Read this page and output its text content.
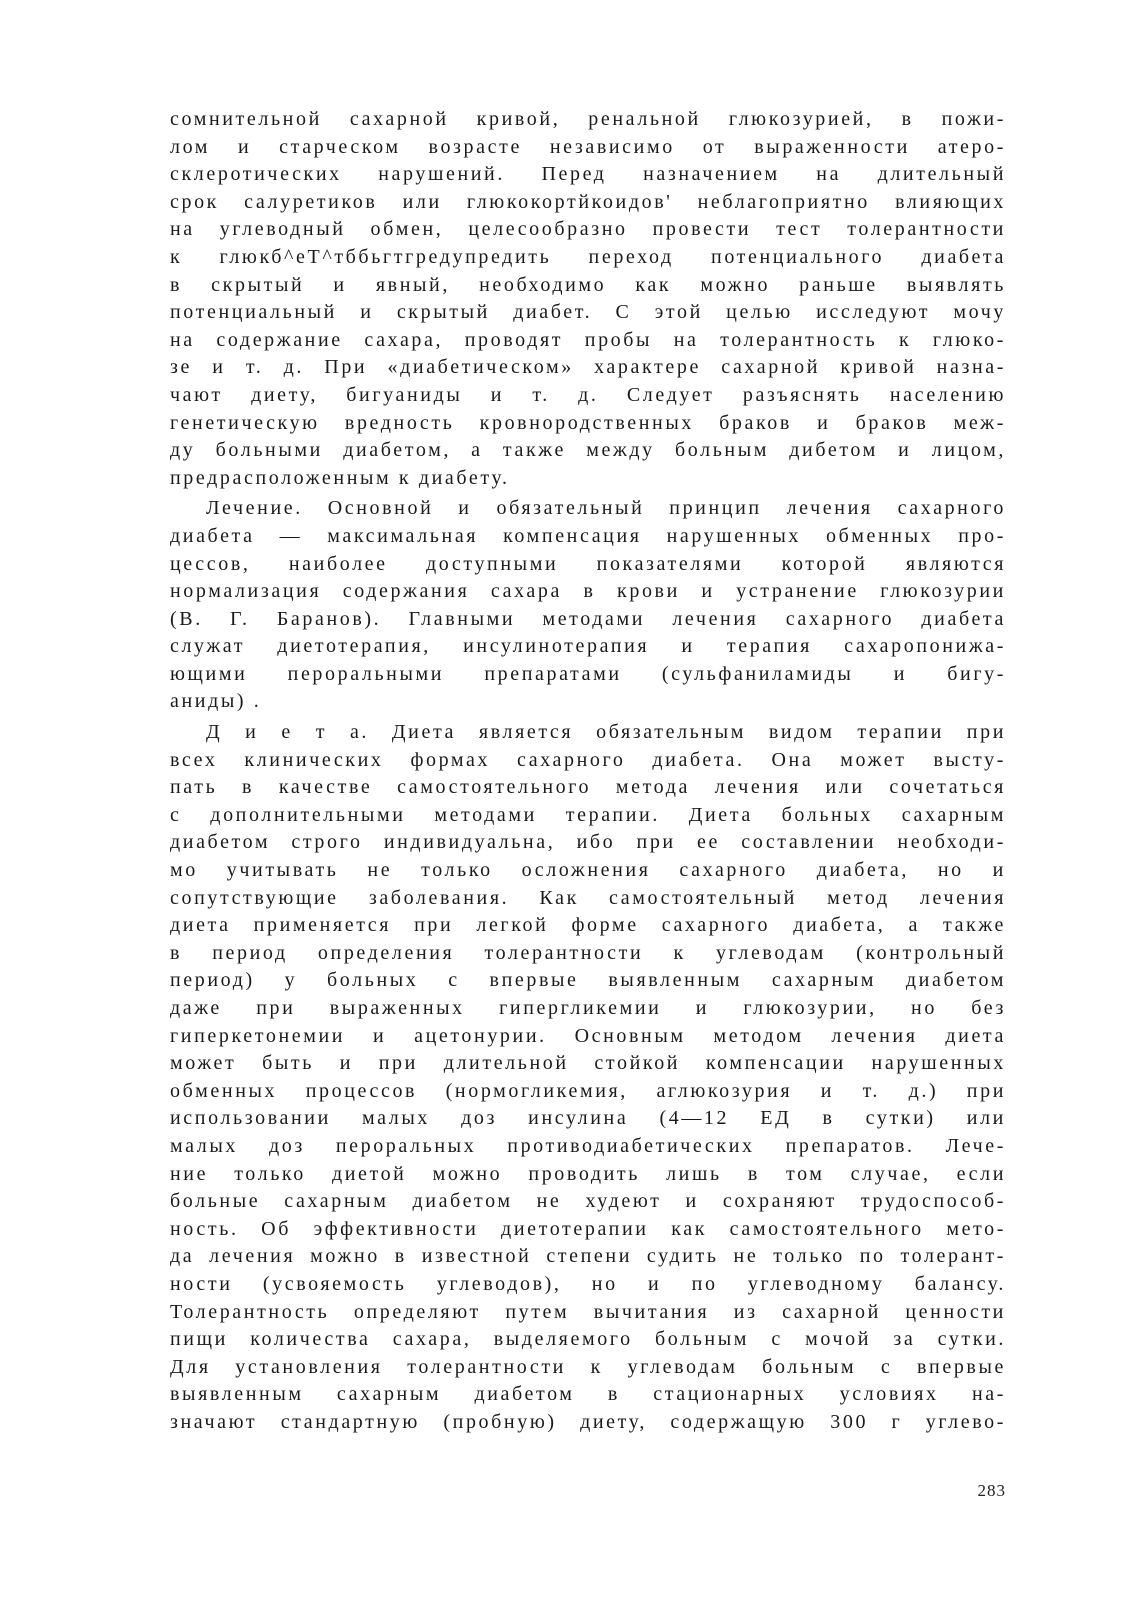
сомнительной сахарной кривой, ренальной глюкозурией, в пожи-
лом и старческом возрасте независимо от выраженности атеро-
склеротических нарушений. Перед назначением на длительный
срок салуретиков или глюкокортйкоидов' неблагоприятно влияющих
на углеводный обмен, целесообразно провести тест толерантности
к глюкб^eT^тббьгтгредупредить переход потенциального диабета
в скрытый и явный, необходимо как можно раньше выявлять
потенциальный и скрытый диабет. С этой целью исследуют мочу
на содержание сахара, проводят пробы на толерантность к глюко-
зе и т. д. При «диабетическом» характере сахарной кривой назна-
чают диету, бигуаниды и т. д. Следует разъяснять населению
генетическую вредность кровнородственных браков и браков меж-
ду больными диабетом, а также между больным дибетом и лицом,
предрасположенным к диабету.
Лечение. Основной и обязательный принцип лечения сахарного
диабета — максимальная компенсация нарушенных обменных про-
цессов, наиболее доступными показателями которой являются
нормализация содержания сахара в крови и устранение глюкозурии
(В. Г. Баранов). Главными методами лечения сахарного диабета
служат диетотерапия, инсулинотерапия и терапия сахаропонижа-
ющими пероральными препаратами (сульфаниламиды и бигу-
аниды) .
Д и е т а. Диета является обязательным видом терапии при
всех клинических формах сахарного диабета. Она может высту-
пать в качестве самостоятельного метода лечения или сочетаться
с дополнительными методами терапии. Диета больных сахарным
диабетом строго индивидуальна, ибо при ее составлении необходи-
мо учитывать не только осложнения сахарного диабета, но и
сопутствующие заболевания. Как самостоятельный метод лечения
диета применяется при легкой форме сахарного диабета, а также
в период определения толерантности к углеводам (контрольный
период) у больных с впервые выявленным сахарным диабетом
даже при выраженных гипергликемии и глюкозурии, но без
гиперкетонемии и ацетонурии. Основным методом лечения диета
может быть и при длительной стойкой компенсации нарушенных
обменных процессов (нормогликемия, аглюкозурия и т. д.) при
использовании малых доз инсулина (4—12 ЕД в сутки) или
малых доз пероральных противодиабетических препаратов. Лече-
ние только диетой можно проводить лишь в том случае, если
больные сахарным диабетом не худеют и сохраняют трудоспособ-
ность. Об эффективности диетотерапии как самостоятельного мето-
да лечения можно в известной степени судить не только по толерант-
ности (усвояемость углеводов), но и по углеводному балансу.
Толерантность определяют путем вычитания из сахарной ценности
пищи количества сахара, выделяемого больным с мочой за сутки.
Для установления толерантности к углеводам больным с впервые
выявленным сахарным диабетом в стационарных условиях на-
значают стандартную (пробную) диету, содержащую 300 г углево-
283
